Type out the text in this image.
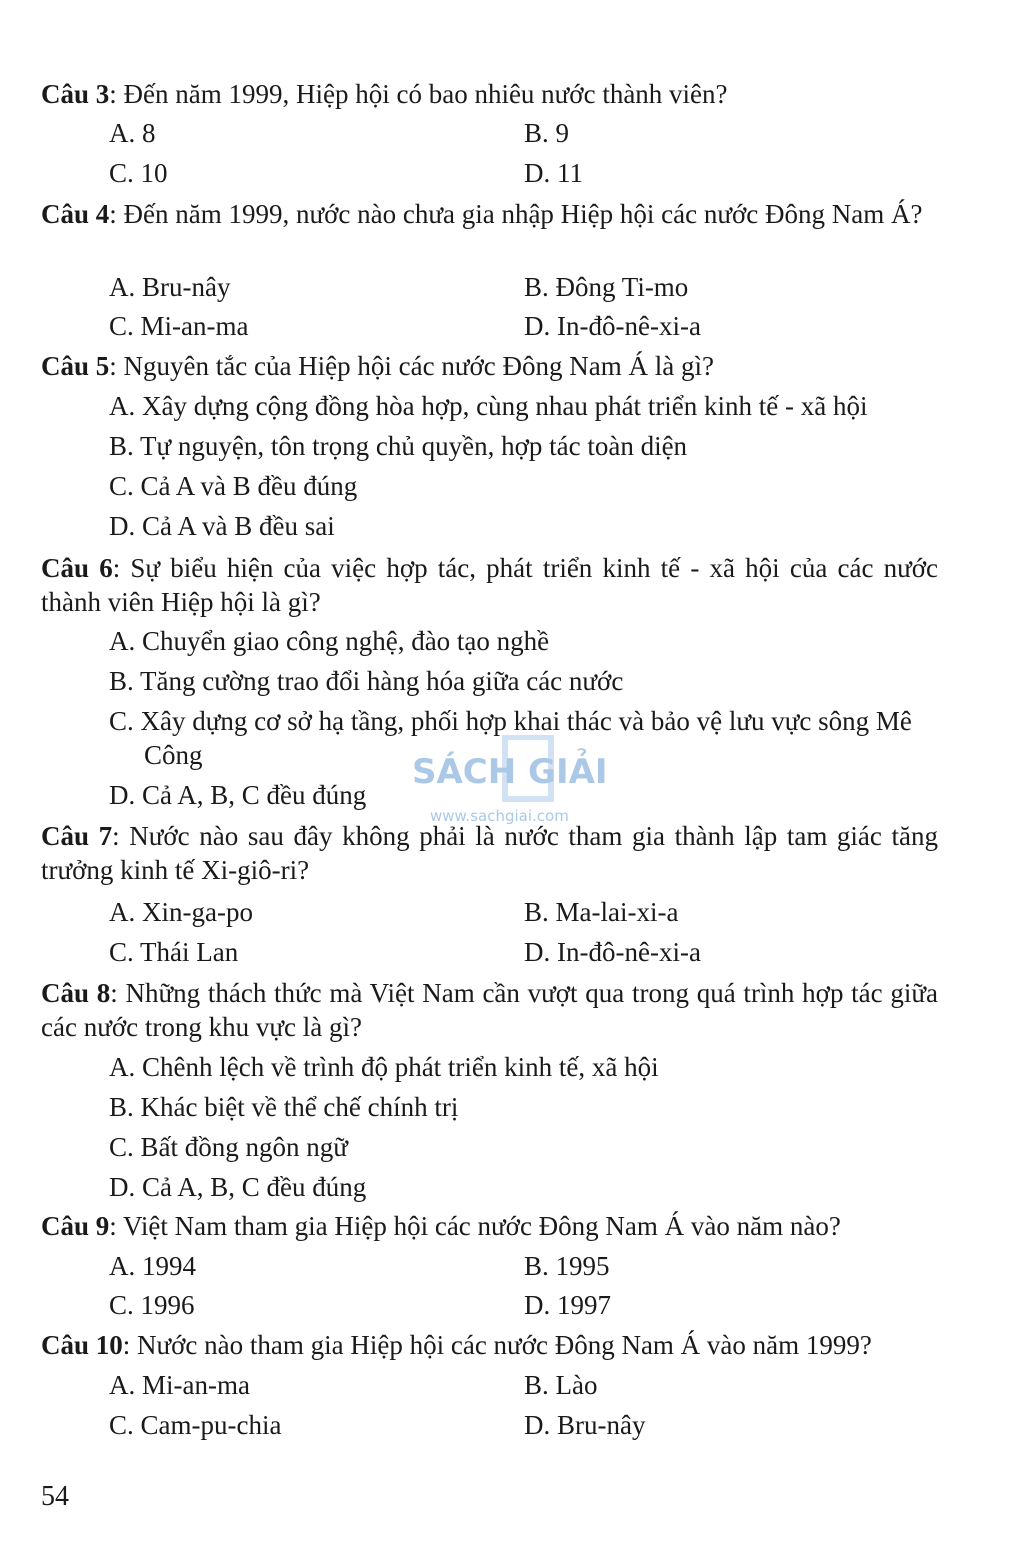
Câu 3: Đến năm 1999, Hiệp hội có bao nhiêu nước thành viên?
A. 8	B. 9
C. 10	D. 11
Câu 4: Đến năm 1999, nước nào chưa gia nhập Hiệp hội các nước Đông Nam Á?
A. Bru-nây	B. Đông Ti-mo
C. Mi-an-ma	D. In-đô-nê-xi-a
Câu 5: Nguyên tắc của Hiệp hội các nước Đông Nam Á là gì?
A. Xây dựng cộng đồng hòa hợp, cùng nhau phát triển kinh tế - xã hội
B. Tự nguyện, tôn trọng chủ quyền, hợp tác toàn diện
C. Cả A và B đều đúng
D. Cả A và B đều sai
Câu 6: Sự biểu hiện của việc hợp tác, phát triển kinh tế - xã hội của các nước thành viên Hiệp hội là gì?
A. Chuyển giao công nghệ, đào tạo nghề
B. Tăng cường trao đổi hàng hóa giữa các nước
C. Xây dựng cơ sở hạ tầng, phối hợp khai thác và bảo vệ lưu vực sông Mê Công
D. Cả A, B, C đều đúng
Câu 7: Nước nào sau đây không phải là nước tham gia thành lập tam giác tăng trưởng kinh tế Xi-giô-ri?
A. Xin-ga-po	B. Ma-lai-xi-a
C. Thái Lan	D. In-đô-nê-xi-a
Câu 8: Những thách thức mà Việt Nam cần vượt qua trong quá trình hợp tác giữa các nước trong khu vực là gì?
A. Chênh lệch về trình độ phát triển kinh tế, xã hội
B. Khác biệt về thể chế chính trị
C. Bất đồng ngôn ngữ
D. Cả A, B, C đều đúng
Câu 9: Việt Nam tham gia Hiệp hội các nước Đông Nam Á vào năm nào?
A. 1994	B. 1995
C. 1996	D. 1997
Câu 10: Nước nào tham gia Hiệp hội các nước Đông Nam Á vào năm 1999?
A. Mi-an-ma	B. Lào
C. Cam-pu-chia	D. Bru-nây
SÁCH GIẢI
www.sachgiai.com
54
